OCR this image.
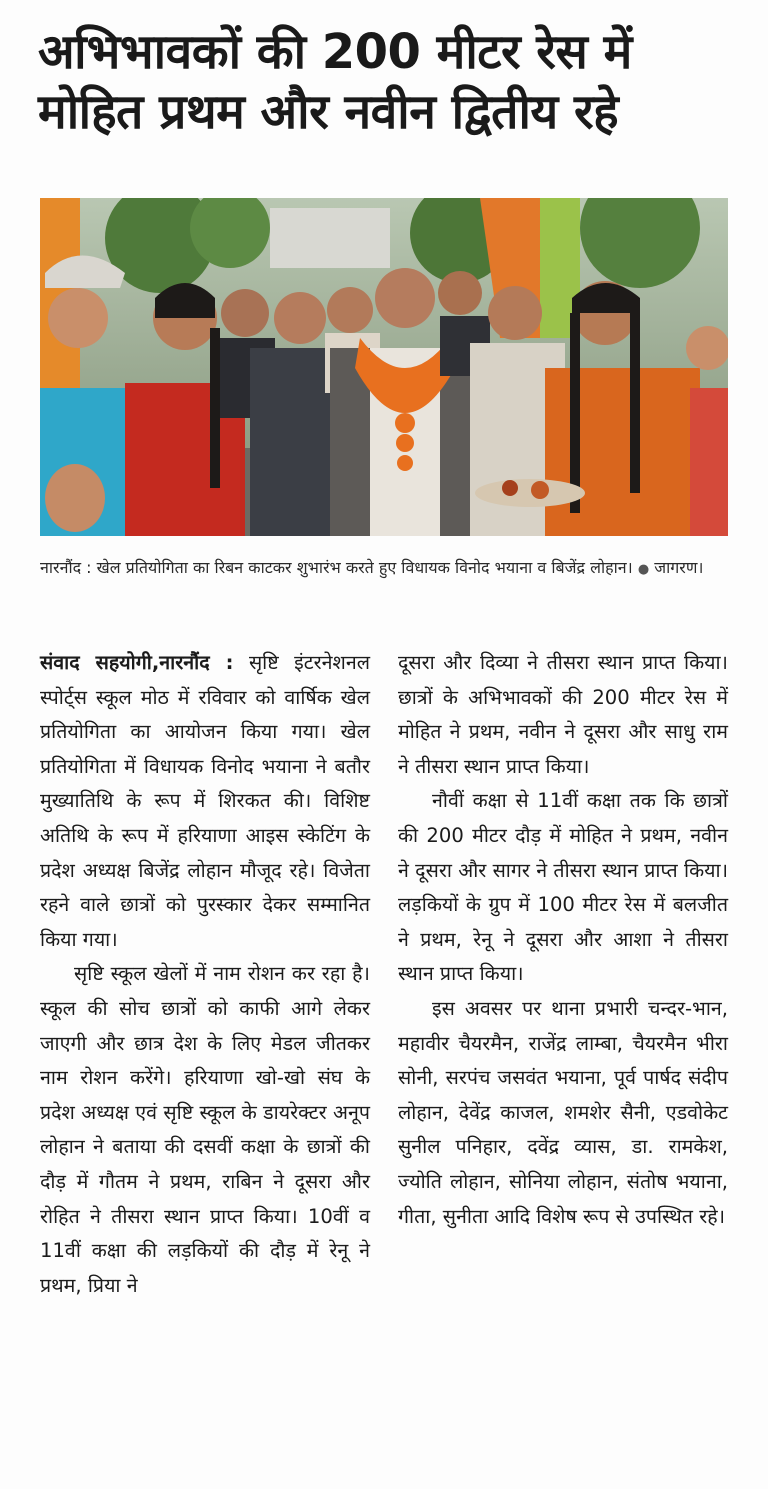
अभिभावकों की 200 मीटर रेस में
मोहित प्रथम और नवीन द्वितीय रहे
नारनौंद : खेल प्रतियोगिता का रिबन काटकर शुभारंभ करते हुए विधायक विनोद भयाना व बिजेंद्र लोहान। ● जागरण।

संवाद सहयोगी,नारनौंद : सृष्टि इंटरनेशनल स्पोर्ट्स स्कूल मोठ में रविवार को वार्षिक खेल प्रतियोगिता का आयोजन किया गया। खेल प्रतियोगिता में विधायक विनोद भयाना ने बतौर मुख्यातिथि के रूप में शिरकत की। विशिष्ट अतिथि के रूप में हरियाणा आइस स्केटिंग के प्रदेश अध्यक्ष बिजेंद्र लोहान मौजूद रहे। विजेता रहने वाले छात्रों को पुरस्कार देकर सम्मानित किया गया।

सृष्टि स्कूल खेलों में नाम रोशन कर रहा है। स्कूल की सोच छात्रों को काफी आगे लेकर जाएगी और छात्र देश के लिए मेडल जीतकर नाम रोशन करेंगे। हरियाणा खो-खो संघ के प्रदेश अध्यक्ष एवं सृष्टि स्कूल के डायरेक्टर अनूप लोहान ने बताया की दसवीं कक्षा के छात्रों की दौड़ में गौतम ने प्रथम, राबिन ने दूसरा और रोहित ने तीसरा स्थान प्राप्त किया। 10वीं व 11वीं कक्षा की लड़कियों की दौड़ में रेनू ने प्रथम, प्रिया ने

दूसरा और दिव्या ने तीसरा स्थान प्राप्त किया। छात्रों के अभिभावकों की 200 मीटर रेस में मोहित ने प्रथम, नवीन ने दूसरा और साधु राम ने तीसरा स्थान प्राप्त किया।

नौवीं कक्षा से 11वीं कक्षा तक कि छात्रों की 200 मीटर दौड़ में मोहित ने प्रथम, नवीन ने दूसरा और सागर ने तीसरा स्थान प्राप्त किया। लड़कियों के ग्रुप में 100 मीटर रेस में बलजीत ने प्रथम, रेनू ने दूसरा और आशा ने तीसरा स्थान प्राप्त किया।

इस अवसर पर थाना प्रभारी चन्दर-भान, महावीर चैयरमैन, राजेंद्र लाम्बा, चैयरमैन भीरा सोनी, सरपंच जसवंत भयाना, पूर्व पार्षद संदीप लोहान, देवेंद्र काजल, शमशेर सैनी, एडवोकेट सुनील पनिहार, दवेंद्र व्यास, डा. रामकेश, ज्योति लोहान, सोनिया लोहान, संतोष भयाना, गीता, सुनीता आदि विशेष रूप से उपस्थित रहे।
